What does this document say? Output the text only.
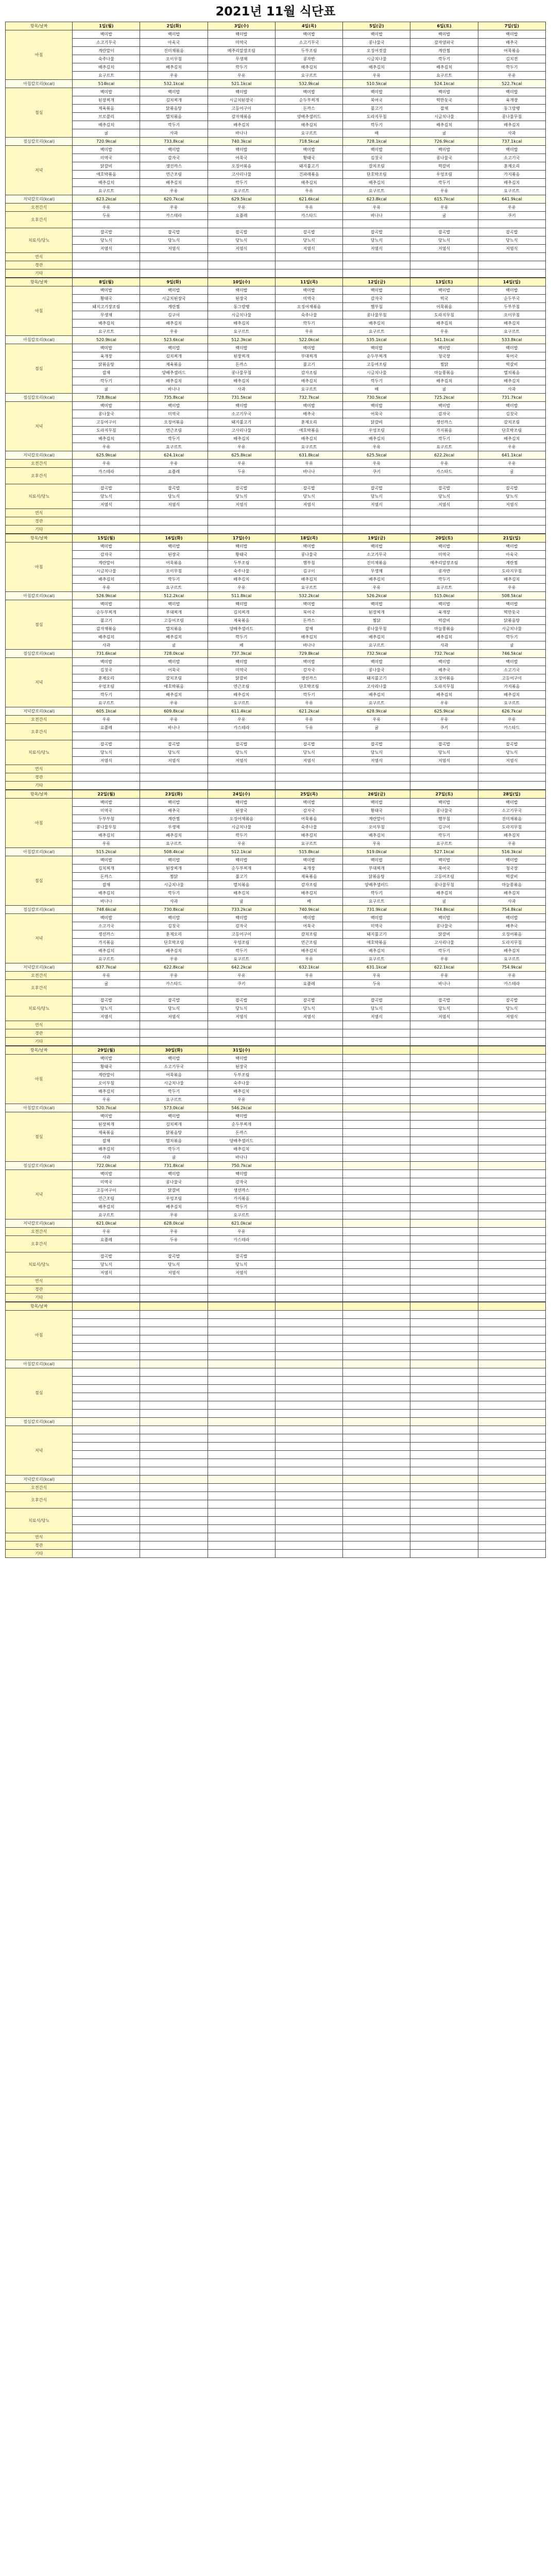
2021년 11월 식단표
항목/날짜	1일(월)	2일(화)	3일(수)	4일(목)	5일(금)	6일(토)	7일(일)
아침	백미밥	백미밥	백미밥	백미밥	백미밥	백미밥	백미밥
	소고기무국	아욱국	미역국	소고기무국	콩나물국	감자양파국	배추국
	계란말이	진미채볶음	메추리알장조림	두부조림	오징어젓갈	계란찜	어묵볶음
	숙주나물	오이무침	무생채	콩자반	시금치나물	깍두기	김치전
	배추김치	배추김치	깍두기	배추김치	배추김치	배추김치	깍두기
	요구르트	우유	우유	요구르트	우유	요구르트	우유
아침칼로리(kcal)	514kcal	532.1kcal	521.1kcal	532.9kcal	510.5kcal	524.1kcal	522.7kcal
점심	백미밥	백미밥	백미밥	백미밥	백미밥	백미밥	백미밥
	된장찌개	김치찌개	시금치된장국	순두부찌개	북어국	떡만둣국	육개장
	제육볶음	닭볶음탕	고등어구이	돈까스	불고기	잡채	동그랑땡
	브로콜리	멸치볶음	감자채볶음	양배추샐러드	도라지무침	시금치나물	콩나물무침
	배추김치	깍두기	배추김치	배추김치	깍두기	배추김치	배추김치
	귤	사과	바나나	요구르트	배	귤	사과
점심칼로리(kcal)	720.9kcal	733.8kcal	740.3kcal	718.5kcal	728.1kcal	726.9kcal	737.1kcal
저녁	백미밥	백미밥	백미밥	백미밥	백미밥	백미밥	백미밥
	미역국	감자국	어묵국	황태국	김칫국	콩나물국	소고기국
	닭갈비	생선까스	오징어볶음	돼지불고기	갈치조림	떡갈비	훈제오리
	애호박볶음	연근조림	고사리나물	건파래볶음	단호박조림	우엉조림	가지볶음
	배추김치	배추김치	깍두기	배추김치	배추김치	깍두기	배추김치
	요구르트	우유	요구르트	우유	요구르트	우유	요구르트
저녁칼로리(kcal)	623.2kcal	620.7kcal	629.5kcal	621.6kcal	623.8kcal	615.7kcal	641.9kcal
오전간식	우유	우유	우유	우유	우유	우유	우유
오후간식	두유	카스테라	요플레	카스타드	바나나	귤	쿠키

치료식/당뇨	잡곡밥	잡곡밥	잡곡밥	잡곡밥	잡곡밥	잡곡밥	잡곡밥
	당뇨식	당뇨식	당뇨식	당뇨식	당뇨식	당뇨식	당뇨식
	저염식	저염식	저염식	저염식	저염식	저염식	저염식
연식							
경관							
기타							
항목/날짜	8일(월)	9일(화)	10일(수)	11일(목)	12일(금)	13일(토)	14일(일)
아침	백미밥	백미밥	백미밥	백미밥	백미밥	백미밥	백미밥
	황태국	시금치된장국	된장국	미역국	감자국	떡국	순두부국
	돼지고기장조림	계란찜	동그랑땡	오징어채볶음	햄부침	어묵볶음	두부부침
	무생채	김구이	시금치나물	숙주나물	콩나물무침	도라지무침	오이무침
	배추김치	배추김치	배추김치	깍두기	배추김치	배추김치	배추김치
	요구르트	우유	요구르트	우유	요구르트	우유	요구르트
아침칼로리(kcal)	520.9kcal	523.6kcal	512.3kcal	522.0kcal	535.1kcal	541.1kcal	533.8kcal
점심	백미밥	백미밥	백미밥	백미밥	백미밥	백미밥	백미밥
	육개장	김치찌개	된장찌개	부대찌개	순두부찌개	청국장	북어국
	닭볶음탕	제육볶음	돈까스	불고기	고등어조림	찜닭	떡갈비
	잡채	양배추샐러드	콩나물무침	감자조림	시금치나물	마늘쫑볶음	멸치볶음
	깍두기	배추김치	배추김치	배추김치	깍두기	배추김치	배추김치
	귤	바나나	사과	요구르트	배	귤	사과
점심칼로리(kcal)	728.8kcal	735.8kcal	731.5kcal	732.7kcal	730.5kcal	725.2kcal	731.7kcal
저녁	백미밥	백미밥	백미밥	백미밥	백미밥	백미밥	백미밥
	콩나물국	미역국	소고기무국	배추국	어묵국	감자국	김칫국
	고등어구이	오징어볶음	돼지불고기	훈제오리	닭갈비	생선까스	갈치조림
	도라지무침	연근조림	고사리나물	애호박볶음	우엉조림	가지볶음	단호박조림
	배추김치	깍두기	배추김치	배추김치	배추김치	깍두기	배추김치
	우유	요구르트	우유	요구르트	우유	요구르트	우유
저녁칼로리(kcal)	625.9kcal	624.1kcal	625.8kcal	631.8kcal	625.5kcal	622.2kcal	641.1kcal
오전간식	우유	우유	우유	우유	우유	우유	우유
오후간식	카스테라	요플레	두유	바나나	쿠키	카스타드	귤

치료식/당뇨	잡곡밥	잡곡밥	잡곡밥	잡곡밥	잡곡밥	잡곡밥	잡곡밥
	당뇨식	당뇨식	당뇨식	당뇨식	당뇨식	당뇨식	당뇨식
	저염식	저염식	저염식	저염식	저염식	저염식	저염식
연식							
경관							
기타							
항목/날짜	15일(월)	16일(화)	17일(수)	18일(목)	19일(금)	20일(토)	21일(일)
아침	백미밥	백미밥	백미밥	백미밥	백미밥	백미밥	백미밥
	감자국	된장국	황태국	콩나물국	소고기무국	미역국	아욱국
	계란말이	어묵볶음	두부조림	햄부침	진미채볶음	메추리알장조림	계란찜
	시금치나물	오이무침	숙주나물	김구이	무생채	콩자반	도라지무침
	배추김치	깍두기	배추김치	배추김치	배추김치	깍두기	배추김치
	우유	요구르트	우유	요구르트	우유	요구르트	우유
아침칼로리(kcal)	526.9kcal	512.2kcal	511.8kcal	532.2kcal	526.2kcal	515.0kcal	508.5kcal
점심	백미밥	백미밥	백미밥	백미밥	백미밥	백미밥	백미밥
	순두부찌개	부대찌개	김치찌개	북어국	된장찌개	육개장	떡만둣국
	불고기	고등어조림	제육볶음	돈까스	찜닭	떡갈비	닭볶음탕
	감자채볶음	멸치볶음	양배추샐러드	잡채	콩나물무침	마늘쫑볶음	시금치나물
	배추김치	배추김치	깍두기	배추김치	배추김치	배추김치	깍두기
	사과	귤	배	바나나	요구르트	사과	귤
점심칼로리(kcal)	731.6kcal	728.0kcal	737.3kcal	729.8kcal	732.5kcal	732.7kcal	746.5kcal
저녁	백미밥	백미밥	백미밥	백미밥	백미밥	백미밥	백미밥
	김칫국	어묵국	미역국	감자국	콩나물국	배추국	소고기국
	훈제오리	갈치조림	닭갈비	생선까스	돼지불고기	오징어볶음	고등어구이
	우엉조림	애호박볶음	연근조림	단호박조림	고사리나물	도라지무침	가지볶음
	깍두기	배추김치	배추김치	깍두기	배추김치	배추김치	배추김치
	요구르트	우유	요구르트	우유	요구르트	우유	요구르트
저녁칼로리(kcal)	605.1kcal	609.8kcal	611.4kcal	621.2kcal	628.9kcal	625.9kcal	626.7kcal
오전간식	우유	우유	우유	우유	우유	우유	우유
오후간식	요플레	바나나	카스테라	두유	귤	쿠키	카스타드

치료식/당뇨	잡곡밥	잡곡밥	잡곡밥	잡곡밥	잡곡밥	잡곡밥	잡곡밥
	당뇨식	당뇨식	당뇨식	당뇨식	당뇨식	당뇨식	당뇨식
	저염식	저염식	저염식	저염식	저염식	저염식	저염식
연식							
경관							
기타							
항목/날짜	22일(월)	23일(화)	24일(수)	25일(목)	26일(금)	27일(토)	28일(일)
아침	백미밥	백미밥	백미밥	백미밥	백미밥	백미밥	백미밥
	미역국	배추국	된장국	감자국	황태국	콩나물국	소고기무국
	두부부침	계란찜	오징어채볶음	어묵볶음	계란말이	햄부침	진미채볶음
	콩나물무침	무생채	시금치나물	숙주나물	오이무침	김구이	도라지무침
	배추김치	배추김치	깍두기	배추김치	배추김치	깍두기	배추김치
	우유	요구르트	우유	요구르트	우유	요구르트	우유
아침칼로리(kcal)	515.2kcal	508.4kcal	512.1kcal	515.8kcal	519.0kcal	527.1kcal	516.3kcal
점심	백미밥	백미밥	백미밥	백미밥	백미밥	백미밥	백미밥
	김치찌개	된장찌개	순두부찌개	육개장	부대찌개	북어국	청국장
	돈까스	찜닭	불고기	제육볶음	닭볶음탕	고등어조림	떡갈비
	잡채	시금치나물	멸치볶음	감자조림	양배추샐러드	콩나물무침	마늘쫑볶음
	배추김치	깍두기	배추김치	배추김치	깍두기	배추김치	배추김치
	바나나	사과	귤	배	요구르트	귤	사과
점심칼로리(kcal)	748.6kcal	730.8kcal	733.2kcal	740.9kcal	731.9kcal	744.8kcal	754.8kcal
저녁	백미밥	백미밥	백미밥	백미밥	백미밥	백미밥	백미밥
	소고기국	김칫국	감자국	어묵국	미역국	콩나물국	배추국
	생선까스	훈제오리	고등어구이	갈치조림	돼지불고기	닭갈비	오징어볶음
	가지볶음	단호박조림	우엉조림	연근조림	애호박볶음	고사리나물	도라지무침
	배추김치	배추김치	깍두기	배추김치	배추김치	깍두기	배추김치
	요구르트	우유	요구르트	우유	요구르트	우유	요구르트
저녁칼로리(kcal)	637.7kcal	622.8kcal	642.2kcal	632.1kcal	631.1kcal	622.1kcal	754.9kcal
오전간식	우유	우유	우유	우유	우유	우유	우유
오후간식	귤	카스타드	쿠키	요플레	두유	바나나	카스테라

치료식/당뇨	잡곡밥	잡곡밥	잡곡밥	잡곡밥	잡곡밥	잡곡밥	잡곡밥
	당뇨식	당뇨식	당뇨식	당뇨식	당뇨식	당뇨식	당뇨식
	저염식	저염식	저염식	저염식	저염식	저염식	저염식
연식							
경관							
기타							
항목/날짜	29일(월)	30일(화)	31일(수)				
아침	백미밥	백미밥	백미밥				
	황태국	소고기무국	된장국				
	계란말이	어묵볶음	두부조림				
	오이무침	시금치나물	숙주나물				
	배추김치	깍두기	배추김치				
	우유	요구르트	우유				
아침칼로리(kcal)	520.7kcal	573.0kcal	546.2kcal				
점심	백미밥	백미밥	백미밥				
	된장찌개	김치찌개	순두부찌개				
	제육볶음	닭볶음탕	돈까스				
	잡채	멸치볶음	양배추샐러드				
	배추김치	깍두기	배추김치				
	사과	귤	바나나				
점심칼로리(kcal)	722.0kcal	731.8kcal	750.7kcal				
저녁	백미밥	백미밥	백미밥				
	미역국	콩나물국	감자국				
	고등어구이	닭갈비	생선까스				
	연근조림	우엉조림	가지볶음				
	배추김치	배추김치	깍두기				
	요구르트	우유	요구르트				
저녁칼로리(kcal)	621.0kcal	628.0kcal	621.0kcal				
오전간식	우유	우유	우유				
오후간식	요플레	두유	카스테라				

치료식/당뇨	잡곡밥	잡곡밥	잡곡밥				
	당뇨식	당뇨식	당뇨식				
	저염식	저염식	저염식				
연식							
경관							
기타							
항목/날짜							
아침							

아침칼로리(kcal)							
점심							

점심칼로리(kcal)							
저녁							

저녁칼로리(kcal)							
오전간식							
오후간식							

치료식/당뇨							

연식							
경관							
기타							
